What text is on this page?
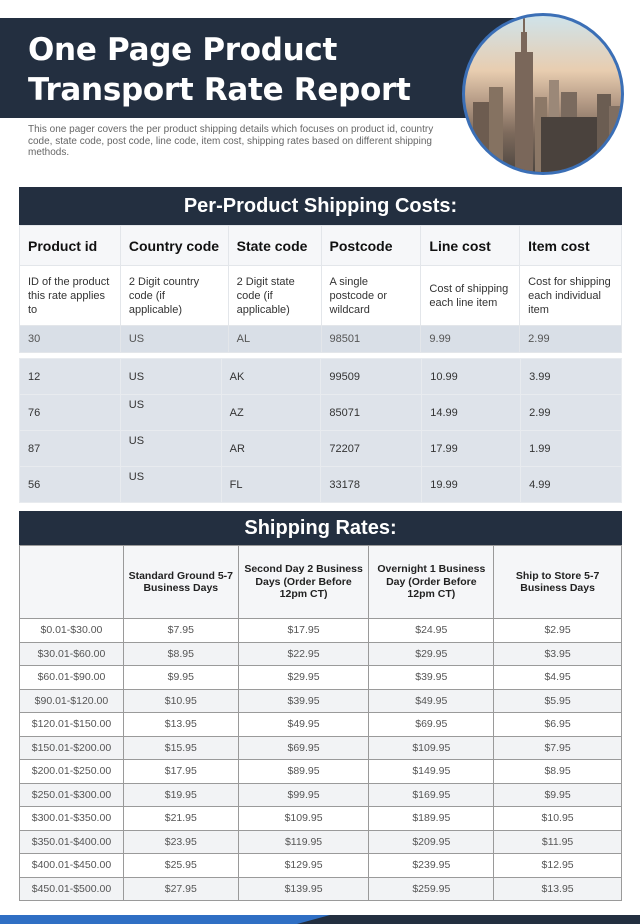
One Page Product
Transport Rate Report
This one pager covers the per product shipping details which focuses on product id, country code, state code, post code, line code, item cost, shipping rates based on different shipping methods.
Per-Product Shipping Costs:
Product id	Country code	State code	Postcode	Line cost	Item cost
ID of the product this rate applies to	2 Digit country code (if applicable)	2 Digit state code (if applicable)	A single postcode or wildcard	Cost of shipping each line item	Cost for shipping each individual item
30	US	AL	98501	9.99	2.99
12	US	AK	99509	10.99	3.99
76	US	AZ	85071	14.99	2.99
87	US	AR	72207	17.99	1.99
56	US	FL	33178	19.99	4.99
Shipping Rates:
	Standard Ground 5-7 Business Days	Second Day 2 Business Days (Order Before 12pm CT)	Overnight 1 Business Day (Order Before 12pm CT)	Ship to Store 5-7 Business Days
$0.01-$30.00	$7.95	$17.95	$24.95	$2.95
$30.01-$60.00	$8.95	$22.95	$29.95	$3.95
$60.01-$90.00	$9.95	$29.95	$39.95	$4.95
$90.01-$120.00	$10.95	$39.95	$49.95	$5.95
$120.01-$150.00	$13.95	$49.95	$69.95	$6.95
$150.01-$200.00	$15.95	$69.95	$109.95	$7.95
$200.01-$250.00	$17.95	$89.95	$149.95	$8.95
$250.01-$300.00	$19.95	$99.95	$169.95	$9.95
$300.01-$350.00	$21.95	$109.95	$189.95	$10.95
$350.01-$400.00	$23.95	$119.95	$209.95	$11.95
$400.01-$450.00	$25.95	$129.95	$239.95	$12.95
$450.01-$500.00	$27.95	$139.95	$259.95	$13.95
